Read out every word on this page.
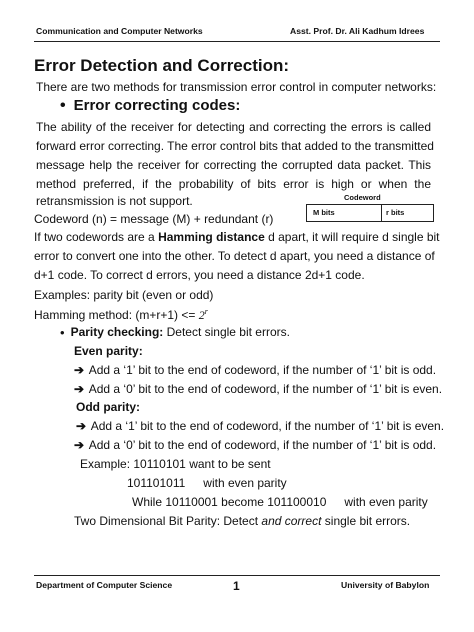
Communication and Computer Networks	Asst. Prof. Dr. Ali Kadhum Idrees
Error Detection and Correction:
There are two methods for transmission error control in computer networks:
• Error correcting codes:
The ability of the receiver for detecting and correcting the errors is called
forward error correcting. The error control bits that added to the transmitted
message help the receiver for correcting the corrupted data packet. This
method preferred, if the probability of bits error is high or when the
retransmission is not support.	Codeword
M bits	r bits
Codeword (n) = message (M) + redundant (r)
If two codewords are a Hamming distance d apart, it will require d single bit
error to convert one into the other. To detect d apart, you need a distance of
d+1 code. To correct d errors, you need a distance 2d+1 code.
Examples: parity bit (even or odd)
Hamming method: $(m+r+1) <= 2^r$
• Parity checking: Detect single bit errors.
Even parity:
➔ Add a ‘1’ bit to the end of codeword, if the number of ‘1’ bit is odd.
➔ Add a ‘0’ bit to the end of codeword, if the number of ‘1’ bit is even.
Odd parity:
➔ Add a ‘1’ bit to the end of codeword, if the number of ‘1’ bit is even.
➔ Add a ‘0’ bit to the end of codeword, if the number of ‘1’ bit is odd.
Example: 10110101 want to be sent
101101011 with even parity
While 10110001 become 101100010 with even parity
Two Dimensional Bit Parity: Detect and correct single bit errors.
Department of Computer Science	1	University of Babylon
